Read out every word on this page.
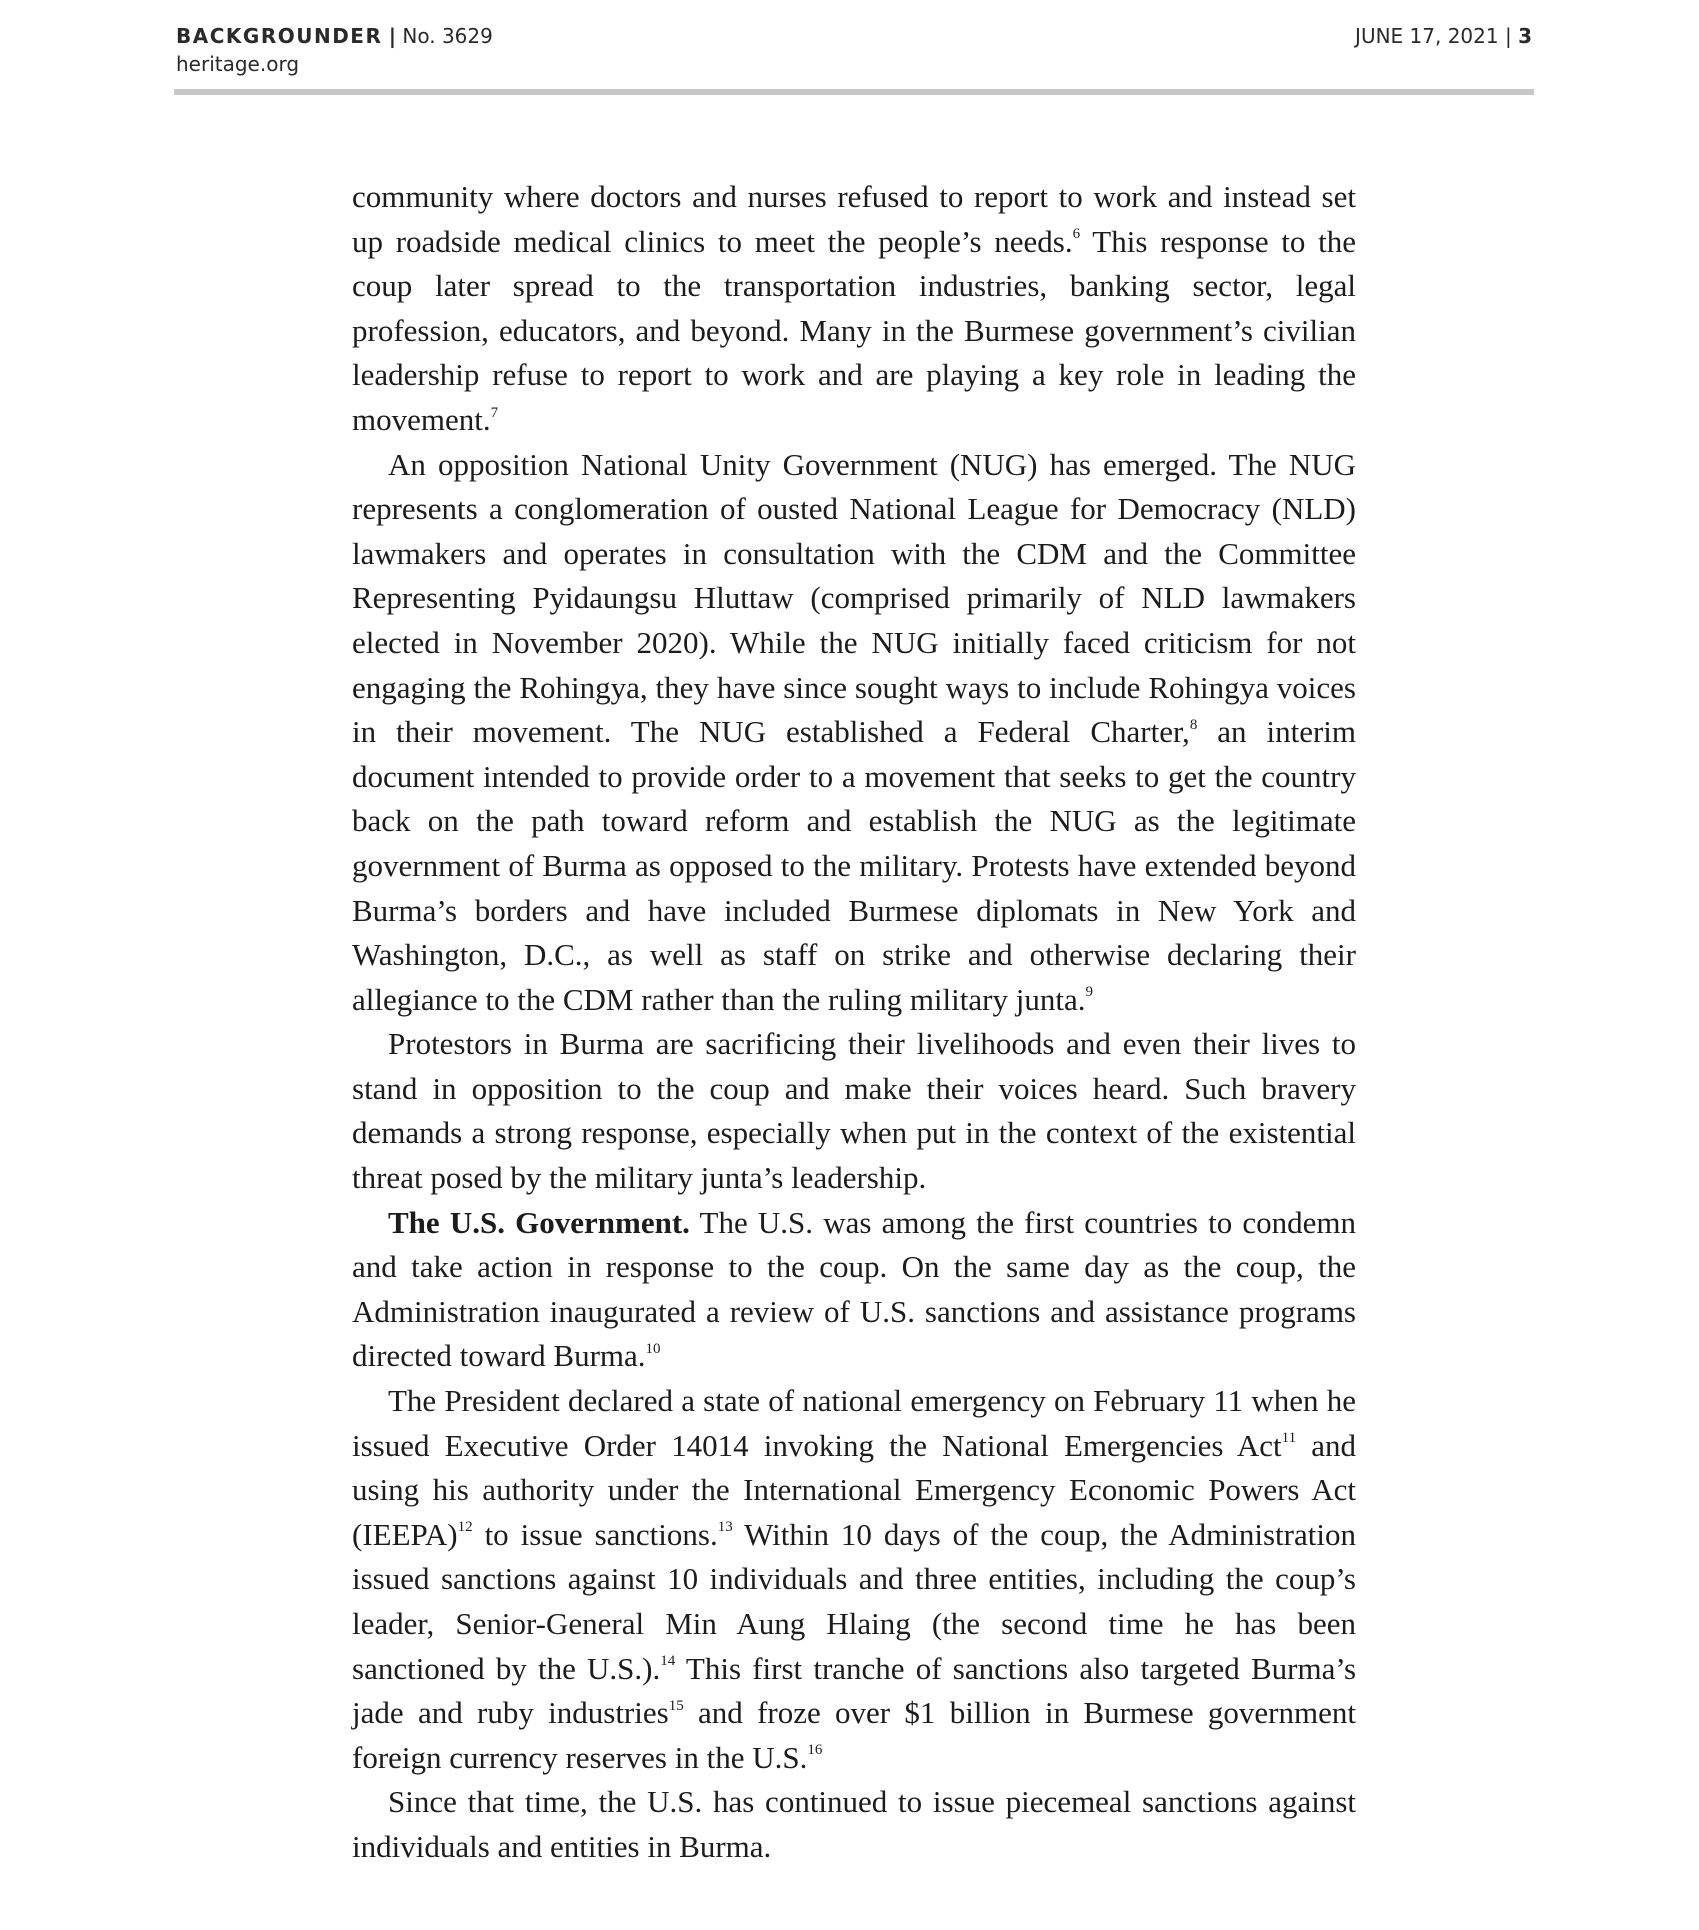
BACKGROUNDER | No. 3629
heritage.org
JUNE 17, 2021 | 3

community where doctors and nurses refused to report to work and instead set up roadside medical clinics to meet the people’s needs.$^6$ This response to the coup later spread to the transportation industries, banking sector, legal profession, educators, and beyond. Many in the Burmese government’s civilian leadership refuse to report to work and are playing a key role in leading the movement.$^7$

An opposition National Unity Government (NUG) has emerged. The NUG represents a conglomeration of ousted National League for Democracy (NLD) lawmakers and operates in consultation with the CDM and the Committee Representing Pyidaungsu Hluttaw (comprised primarily of NLD lawmakers elected in November 2020). While the NUG initially faced criticism for not engaging the Rohingya, they have since sought ways to include Rohingya voices in their movement. The NUG established a Federal Charter,$^8$ an interim document intended to provide order to a movement that seeks to get the country back on the path toward reform and establish the NUG as the legitimate government of Burma as opposed to the military. Protests have extended beyond Burma’s borders and have included Burmese diplomats in New York and Washington, D.C., as well as staff on strike and otherwise declaring their allegiance to the CDM rather than the ruling military junta.$^9$

Protestors in Burma are sacrificing their livelihoods and even their lives to stand in opposition to the coup and make their voices heard. Such bravery demands a strong response, especially when put in the context of the existential threat posed by the military junta’s leadership.

The U.S. Government. The U.S. was among the first countries to condemn and take action in response to the coup. On the same day as the coup, the Administration inaugurated a review of U.S. sanctions and assistance programs directed toward Burma.$^{10}$

The President declared a state of national emergency on February 11 when he issued Executive Order 14014 invoking the National Emergencies Act$^{11}$ and using his authority under the International Emergency Economic Powers Act (IEEPA)$^{12}$ to issue sanctions.$^{13}$ Within 10 days of the coup, the Administration issued sanctions against 10 individuals and three entities, including the coup’s leader, Senior-General Min Aung Hlaing (the second time he has been sanctioned by the U.S.).$^{14}$ This first tranche of sanctions also targeted Burma’s jade and ruby industries$^{15}$ and froze over $1 billion in Burmese government foreign currency reserves in the U.S.$^{16}$

Since that time, the U.S. has continued to issue piecemeal sanctions against individuals and entities in Burma.
